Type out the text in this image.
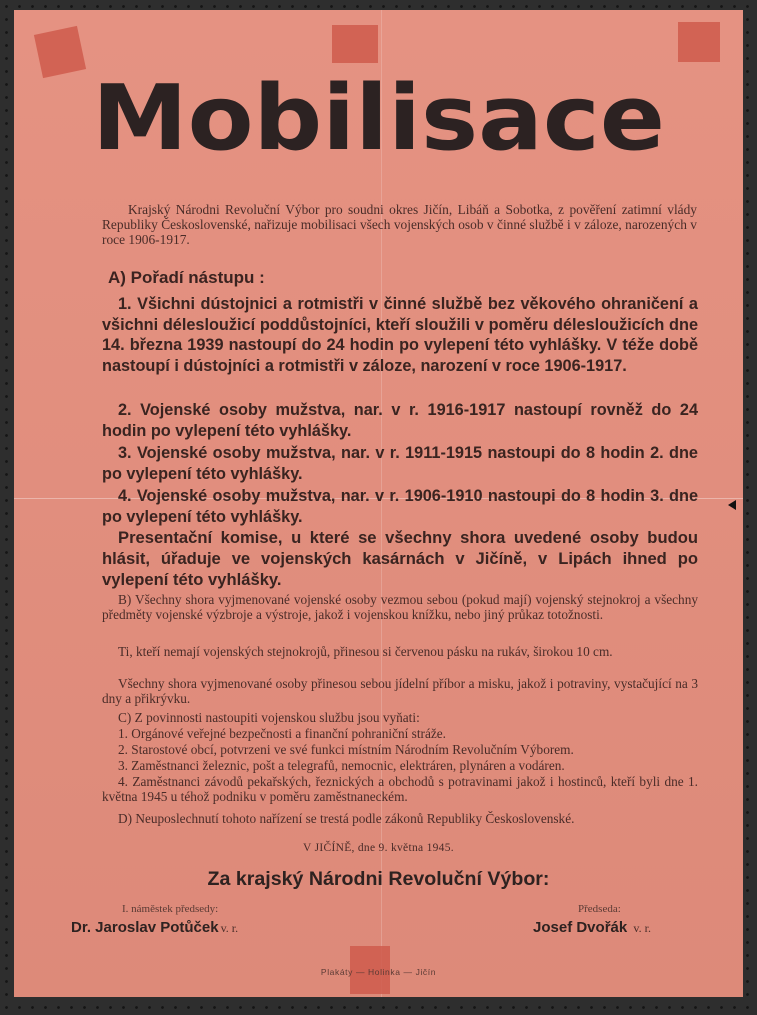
Mobilisace

Krajský Národni Revoluční Výbor pro soudni okres Jičín, Libáň a Sobotka, z pověření zatimní vlády Republiky Československé, nařizuje mobilisaci všech vojenských osob v činné službě i v záloze, narozených v roce 1906-1917.

A) Pořadí nástupu :

1. Všichni dústojnici a rotmistři v činné službě bez věkového ohraničení a všichni délesloužicí poddůstojníci, kteří sloužili v poměru délesloužicích dne 14. března 1939 nastoupí do 24 hodin po vylepení této vyhlášky. V téže době nastoupí i dústojníci a rotmistři v záloze, narození v roce 1906-1917.

2. Vojenské osoby mužstva, nar. v r. 1916-1917 nastoupí rovněž do 24 hodin po vylepení této vyhlášky.

3. Vojenské osoby mužstva, nar. v r. 1911-1915 nastoupi do 8 hodin 2. dne po vylepení této vyhlášky.

4. Vojenské osoby mužstva, nar. v r. 1906-1910 nastoupi do 8 hodin 3. dne po vylepení této vyhlášky.

Presentační komise, u které se všechny shora uvedené osoby budou hlásit, úřaduje ve vojenských kasárnách v Jičíně, v Lipách ihned po vylepení této vyhlášky.

B) Všechny shora vyjmenované vojenské osoby vezmou sebou (pokud mají) vojenský stejnokroj a všechny předměty vojenské výzbroje a výstroje, jakož i vojenskou knížku, nebo jiný průkaz totožnosti.

Ti, kteří nemají vojenských stejnokrojů, přinesou si červenou pásku na rukáv, širokou 10 cm.

Všechny shora vyjmenované osoby přinesou sebou jídelní příbor a misku, jakož i potraviny, vystačující na 3 dny a přikrývku.

C) Z povinnosti nastoupiti vojenskou službu jsou vyňati:

1. Orgánové veřejné bezpečnosti a finanční pohraniční stráže.

2. Starostové obcí, potvrzeni ve své funkci místním Národním Revolučním Výborem.

3. Zaměstnanci železnic, pošt a telegrafů, nemocnic, elektráren, plynáren a vodáren.

4. Zaměstnanci závodů pekařských, řeznických a obchodů s potravinami jakož i hostinců, kteří byli dne 1. května 1945 u téhož podniku v poměru zaměstnaneckém.

D) Neuposlechnutí tohoto nařízení se trestá podle zákonů Republiky Československé.

V JIČÍNĚ, dne 9. května 1945.

Za krajský Národni Revoluční Výbor:

I. náměstek předsedy:	Předseda:

Dr. Jaroslav Potůček v. r.	Josef Dvořák v. r.

Plakáty — Holinka — Jičín
